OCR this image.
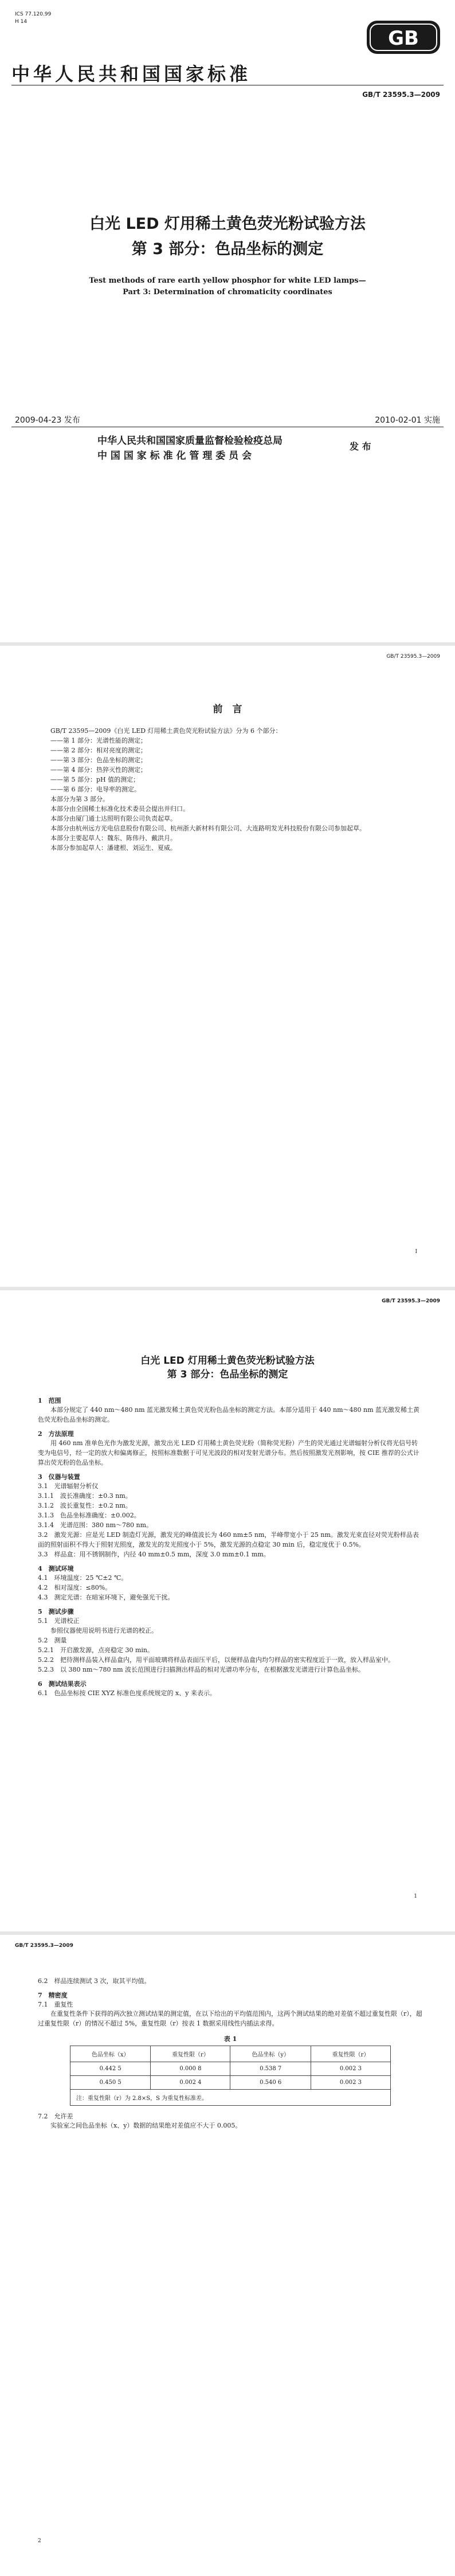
ICS 77.120.99
H 14
GB
中华人民共和国国家标准
GB/T 23595.3—2009
白光 LED 灯用稀土黄色荧光粉试验方法
第 3 部分：色品坐标的测定
Test methods of rare earth yellow phosphor for white LED lamps—
Part 3: Determination of chromaticity coordinates
2009-04-23 发布	2010-02-01 实施
中华人民共和国国家质量监督检验检疫总局
中 国 国 家 标 准 化 管 理 委 员 会
发 布
GB/T 23595.3—2009
前　言

GB/T 23595—2009《白光 LED 灯用稀土黄色荧光粉试验方法》分为 6 个部分：

——第 1 部分：光谱性能的测定；

——第 2 部分：相对亮度的测定；

——第 3 部分：色品坐标的测定；

——第 4 部分：热猝灭性的测定；

——第 5 部分：pH 值的测定；

——第 6 部分：电导率的测定。

本部分为第 3 部分。

本部分由全国稀土标准化技术委员会提出并归口。

本部分由厦门通士达照明有限公司负责起草。

本部分由杭州远方光电信息股份有限公司、杭州浙大新材料有限公司、大连路明发光科技股份有限公司参加起草。

本部分主要起草人：魏东、陈伟丹、戴洪月。

本部分参加起草人：潘建根、刘运生、夏威。

I
GB/T 23595.3—2009
白光 LED 灯用稀土黄色荧光粉试验方法
第 3 部分：色品坐标的测定

1　范围

本部分规定了 440 nm～480 nm 蓝光激发稀土黄色荧光粉色品坐标的测定方法。本部分适用于 440 nm～480 nm 蓝光激发稀土黄色荧光粉色品坐标的测定。

2　方法原理

用 460 nm 准单色光作为激发光源，激发出光 LED 灯用稀土黄色荧光粉（简称荧光粉）产生的荧光通过光谱辐射分析仪将光信号转变为电信号，经一定的放大和偏离修正，按照标准数据于可见光波段的相对发射光谱分布。然后按照激发光剂影响，按 CIE 推荐的公式计算出荧光粉的色品坐标。

3　仪器与装置

3.1　光谱辐射分析仪

3.1.1　波长准确度：±0.3 nm。

3.1.2　波长重复性：±0.2 nm。

3.1.3　色品坐标准确度：±0.002。

3.1.4　光谱范围：380 nm～780 nm。

3.2　激发光源：应是光 LED 制造灯光源，激发光的峰值波长为 460 nm±5 nm，半峰带宽小于 25 nm。激发光束直径对荧光粉样品表面的照射面积不得大于照射光照度，激发光的发光照度小于 5%，激发光源的点稳定 30 min 后，稳定度优于 0.5%。

3.3　样品盒：用不锈钢制作，内径 40 mm±0.5 mm，深度 3.0 mm±0.1 mm。

4　测试环境

4.1　环境温度：25 ℃±2 ℃。

4.2　相对湿度：≤80%。

4.3　测定光谱：在暗室环境下，避免强光干扰。

5　测试步骤

5.1　光谱校正

　　参照仪器使用说明书进行光谱的校正。

5.2　测量

5.2.1　开启激发源，点亮稳定 30 min。

5.2.2　把待测样品装入样品盒内，用平面玻璃将样品表面压平后，以便样品盒内均匀样品的密实程度近于一致，放入样品室中。

5.2.3　以 380 nm～780 nm 波长范围进行扫描测出样品的相对光谱功率分布，在根据激发光谱进行计算色品坐标。

6　测试结果表示

6.1　色品坐标按 CIE XYZ 标准色度系统规定的 x、y 来表示。

1
GB/T 23595.3—2009

6.2　样品连续测试 3 次，取其平均值。

7　精密度

7.1　重复性

在重复性条件下获得的两次独立测试结果的测定值，在以下给出的平均值范围内，这两个测试结果的绝对差值不超过重复性限（r），超过重复性限（r）的情况不超过 5%，重复性限（r）按表 1 数据采用线性内插法求得。

表 1

色品坐标（x）	重复性限（r）	色品坐标（y）	重复性限（r）
0.442 5	0.000 8	0.538 7	0.002 3
0.450 5	0.002 4	0.540 6	0.002 3
注：重复性限（r）为 2.8×S，S 为重复性标准差。			

7.2　允许差

实验室之间色品坐标（x、y）数据的结果绝对差值应不大于 0.005。

2
